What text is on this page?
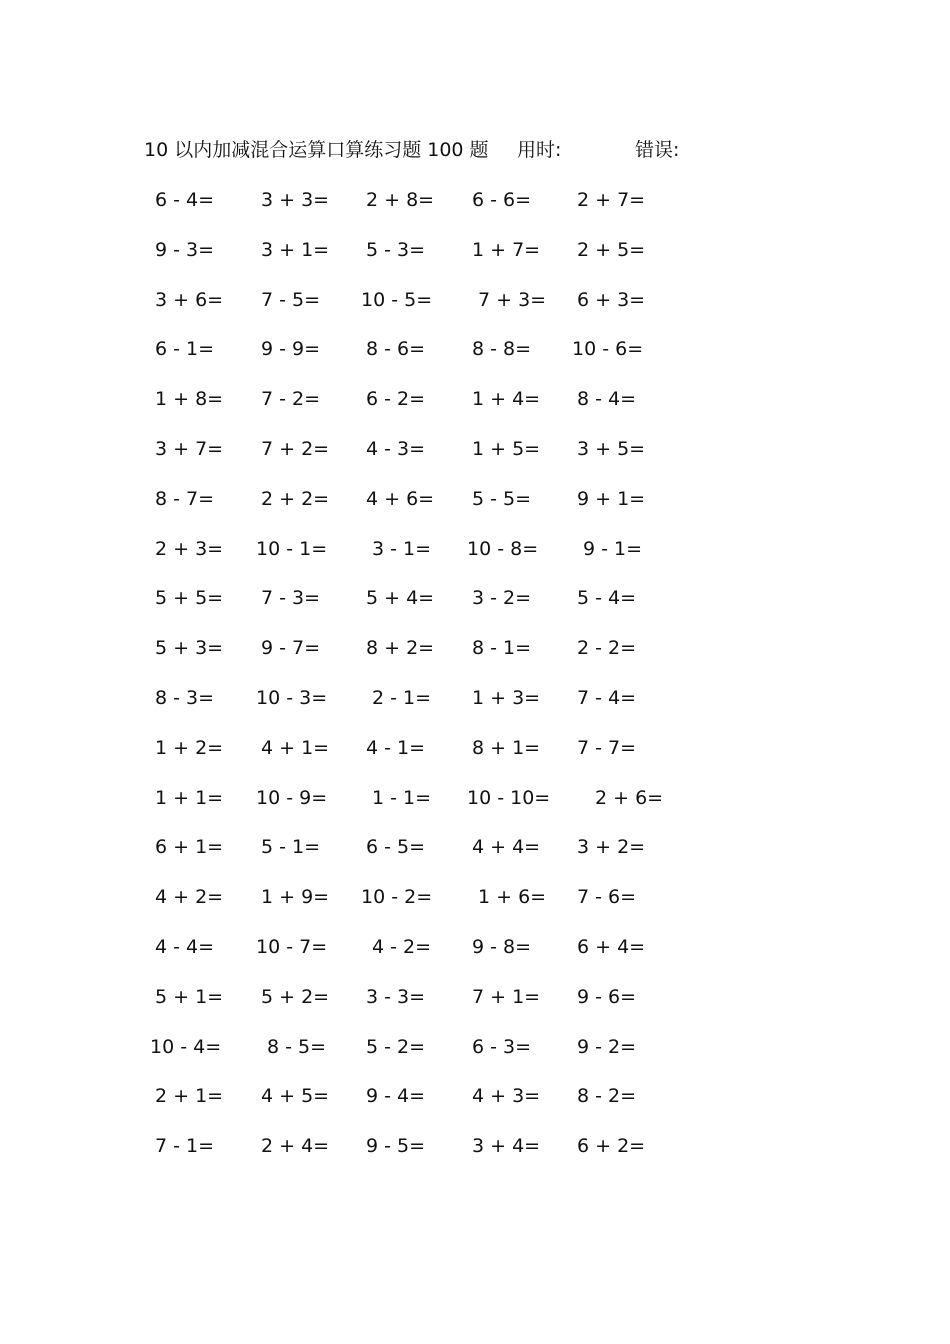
10 以内加减混合运算口算练习题 100 题 用时:	错误:
6 - 4= 3 + 3= 2 + 8= 6 - 6= 2 + 7=
9 - 3= 3 + 1= 5 - 3= 1 + 7= 2 + 5=
3 + 6= 7 - 5= 10 - 5= 7 + 3= 6 + 3=
6 - 1= 9 - 9= 8 - 6= 8 - 8= 10 - 6=
1 + 8= 7 - 2= 6 - 2= 1 + 4= 8 - 4=
3 + 7= 7 + 2= 4 - 3= 1 + 5= 3 + 5=
8 - 7= 2 + 2= 4 + 6= 5 - 5= 9 + 1=
2 + 3= 10 - 1= 3 - 1= 10 - 8= 9 - 1=
5 + 5= 7 - 3= 5 + 4= 3 - 2= 5 - 4=
5 + 3= 9 - 7= 8 + 2= 8 - 1= 2 - 2=
8 - 3= 10 - 3= 2 - 1= 1 + 3= 7 - 4=
1 + 2= 4 + 1= 4 - 1= 8 + 1= 7 - 7=
1 + 1= 10 - 9= 1 - 1= 10 - 10= 2 + 6=
6 + 1= 5 - 1= 6 - 5= 4 + 4= 3 + 2=
4 + 2= 1 + 9= 10 - 2= 1 + 6= 7 - 6=
4 - 4= 10 - 7= 4 - 2= 9 - 8= 6 + 4=
5 + 1= 5 + 2= 3 - 3= 7 + 1= 9 - 6=
10 - 4= 8 - 5= 5 - 2= 6 - 3= 9 - 2=
2 + 1= 4 + 5= 9 - 4= 4 + 3= 8 - 2=
7 - 1= 2 + 4= 9 - 5= 3 + 4= 6 + 2=
